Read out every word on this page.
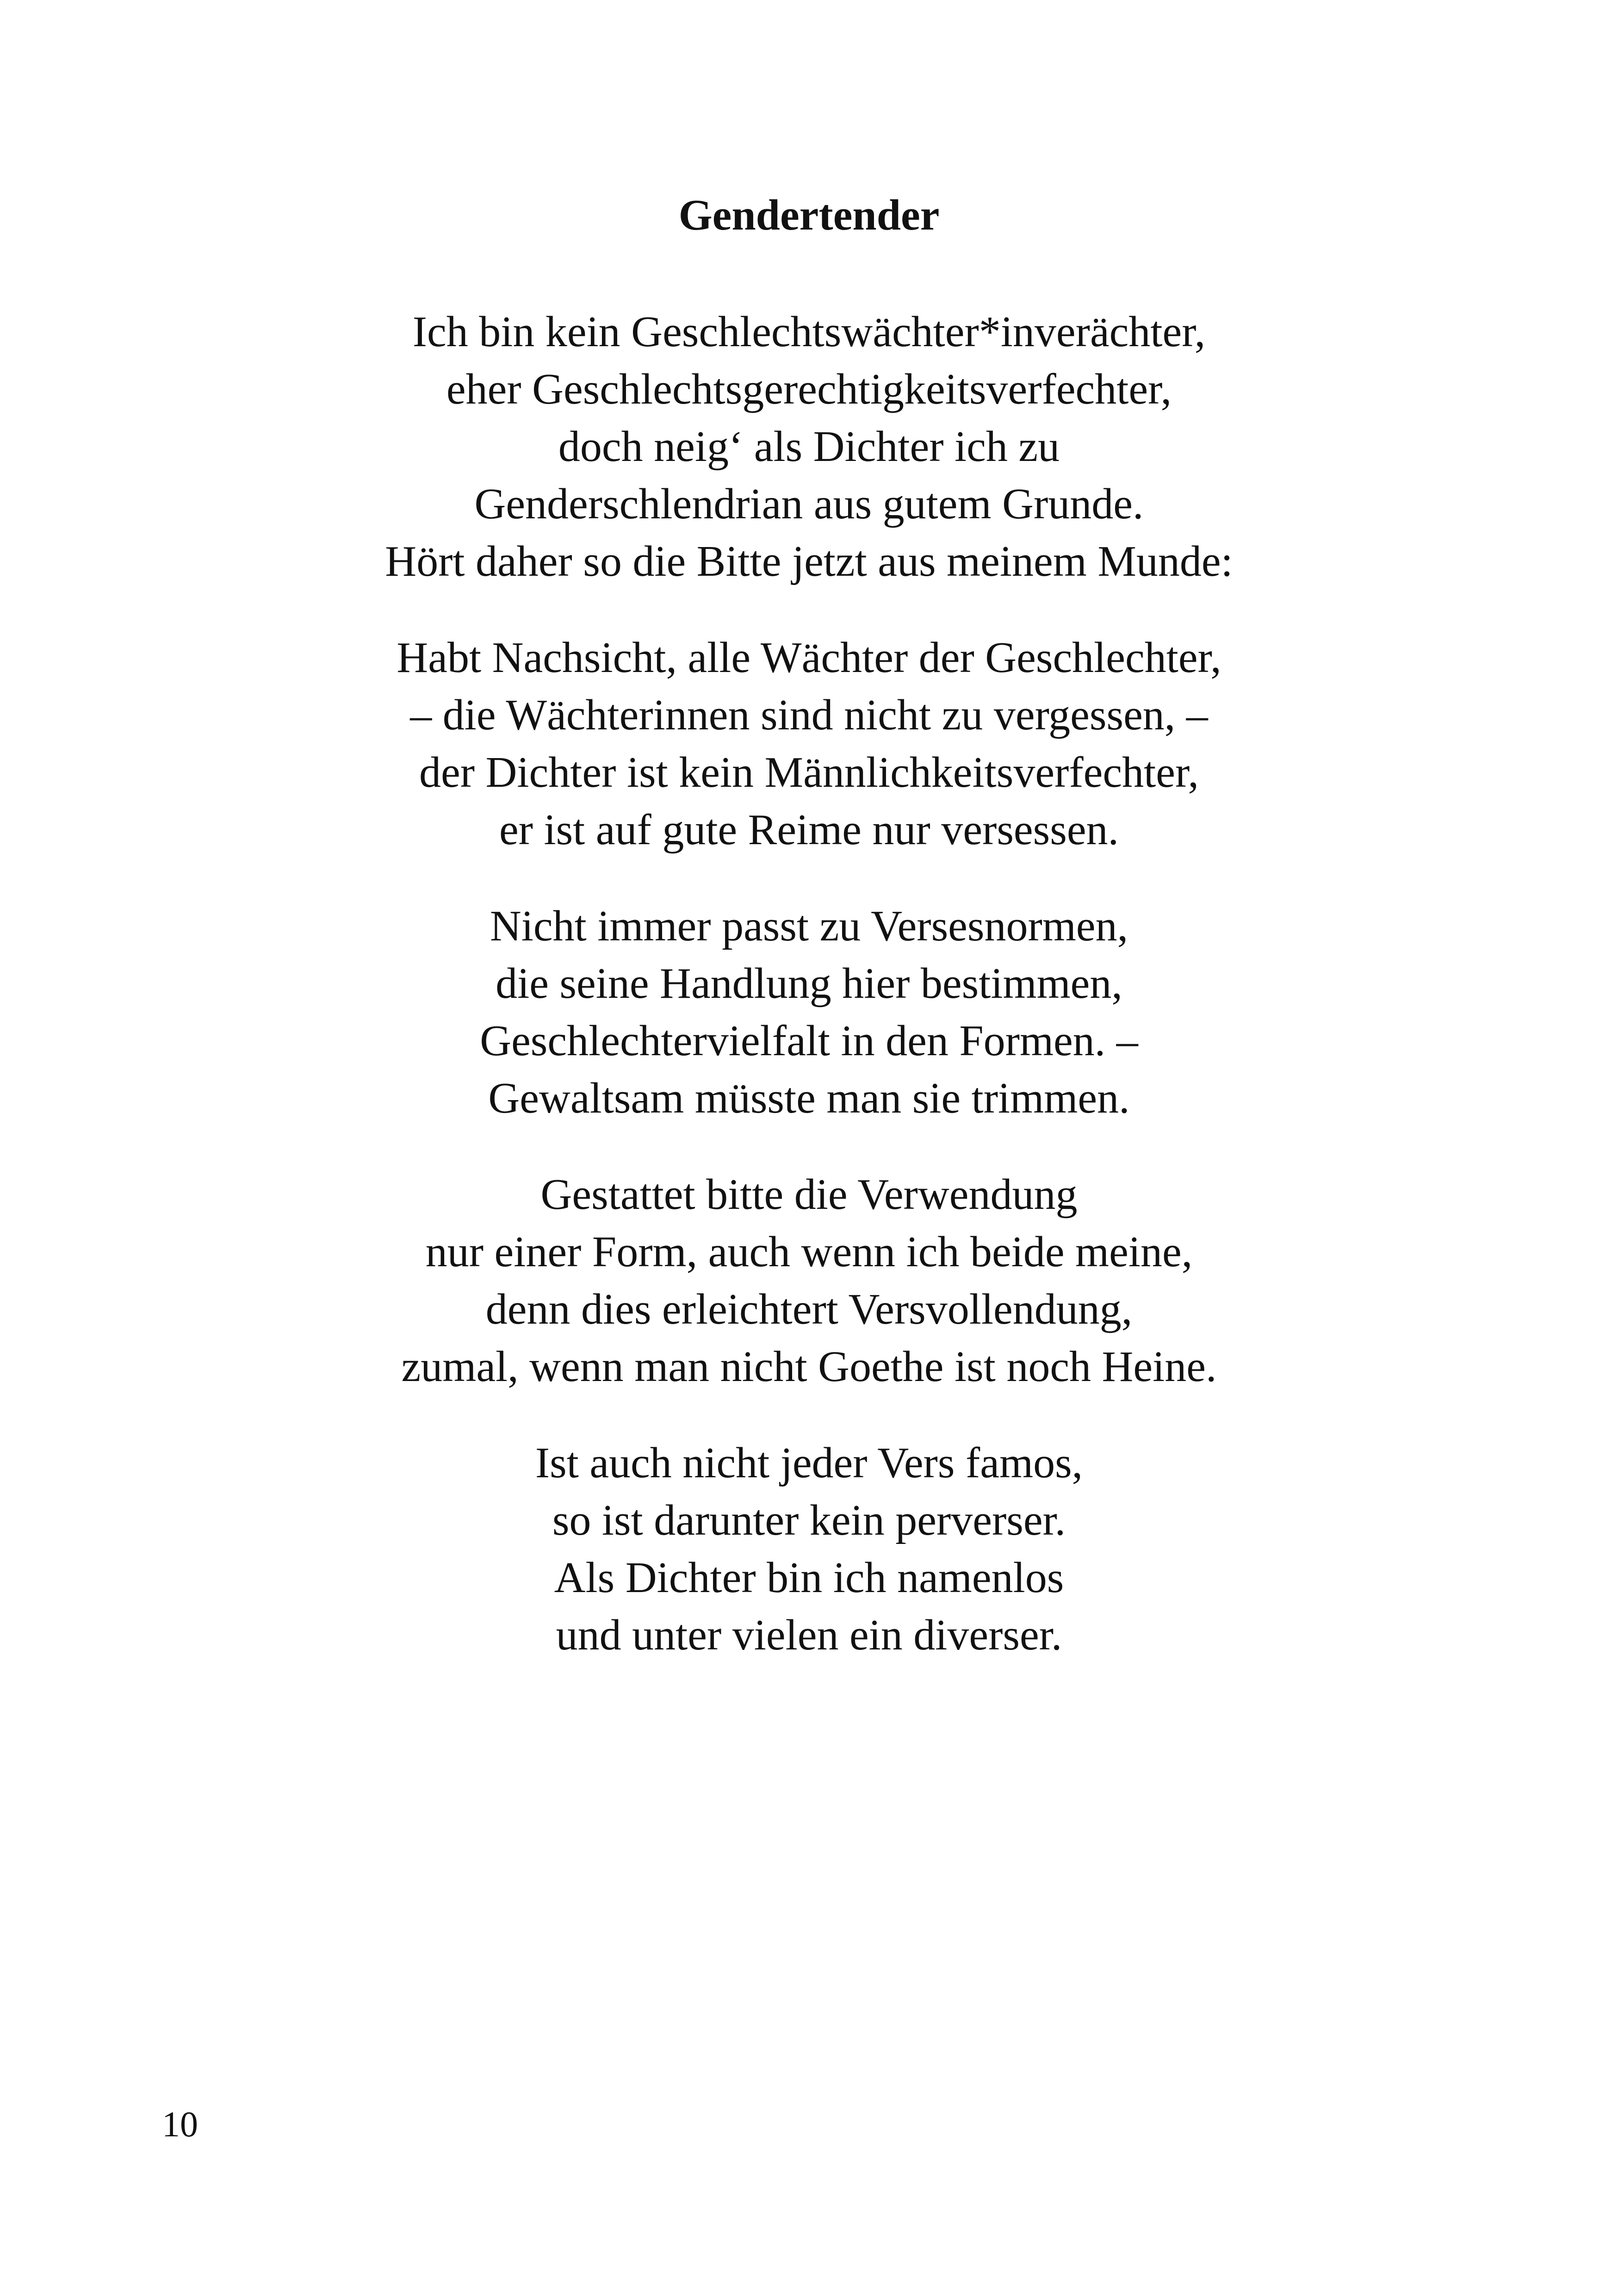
Gendertender
Ich bin kein Geschlechtswächter*inverächter,
eher Geschlechtsgerechtigkeitsverfechter,
doch neig‘ als Dichter ich zu
Genderschlendrian aus gutem Grunde.
Hört daher so die Bitte jetzt aus meinem Munde:
Habt Nachsicht, alle Wächter der Geschlechter,
– die Wächterinnen sind nicht zu vergessen, –
der Dichter ist kein Männlichkeitsverfechter,
er ist auf gute Reime nur versessen.
Nicht immer passt zu Versesnormen,
die seine Handlung hier bestimmen,
Geschlechtervielfalt in den Formen. –
Gewaltsam müsste man sie trimmen.
Gestattet bitte die Verwendung
nur einer Form, auch wenn ich beide meine,
denn dies erleichtert Versvollendung,
zumal, wenn man nicht Goethe ist noch Heine.
Ist auch nicht jeder Vers famos,
so ist darunter kein perverser.
Als Dichter bin ich namenlos
und unter vielen ein diverser.
10
